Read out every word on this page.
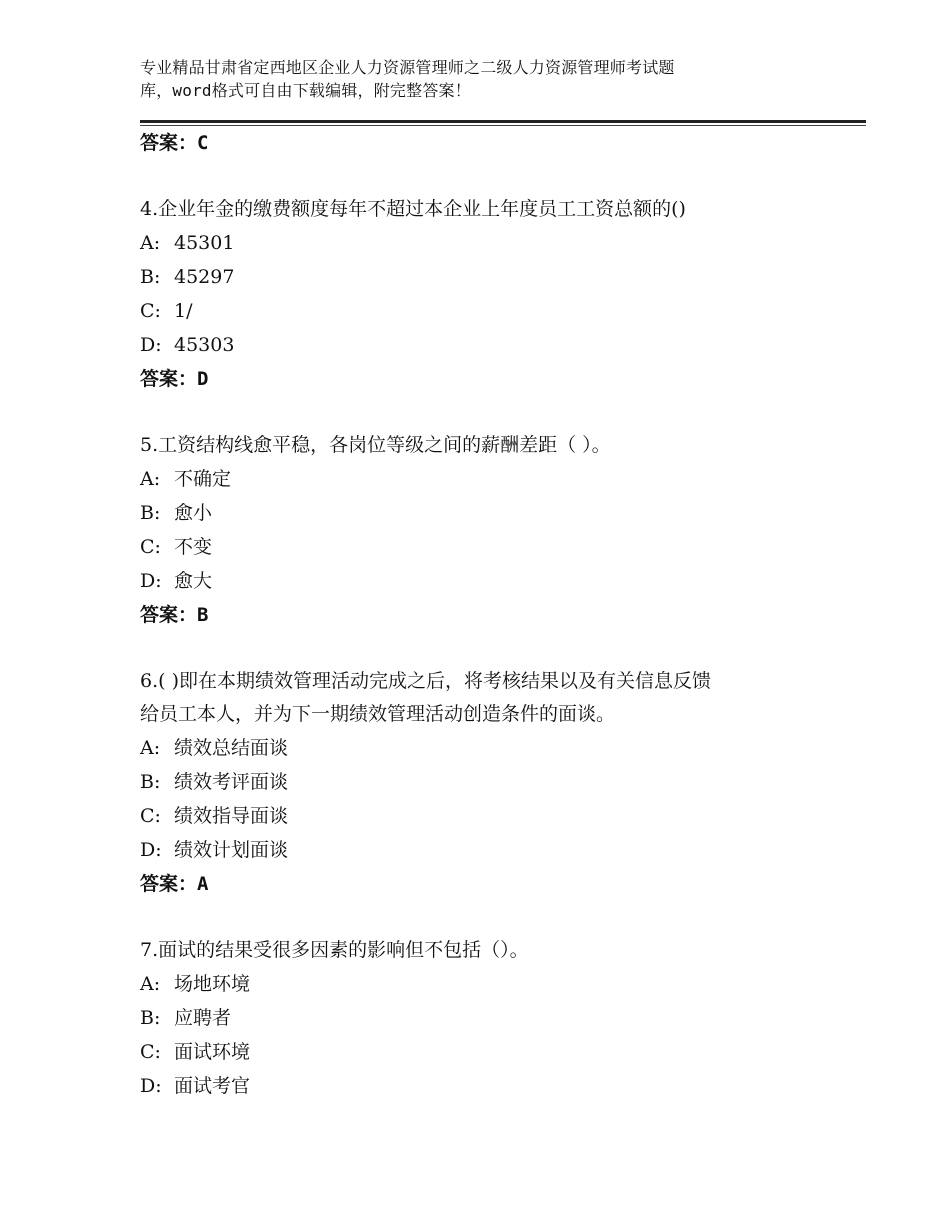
专业精品甘肃省定西地区企业人力资源管理师之二级人力资源管理师考试题
库，word格式可自由下载编辑，附完整答案！
答案：C
4.企业年金的缴费额度每年不超过本企业上年度员工工资总额的()
A: 45301
B: 45297
C: 1/
D: 45303
答案：D
5.工资结构线愈平稳，各岗位等级之间的薪酬差距（ ）。
A: 不确定
B: 愈小
C: 不变
D: 愈大
答案：B
6.( )即在本期绩效管理活动完成之后，将考核结果以及有关信息反馈
给员工本人，并为下一期绩效管理活动创造条件的面谈。
A: 绩效总结面谈
B: 绩效考评面谈
C: 绩效指导面谈
D: 绩效计划面谈
答案：A
7.面试的结果受很多因素的影响但不包括（）。
A: 场地环境
B: 应聘者
C: 面试环境
D: 面试考官
